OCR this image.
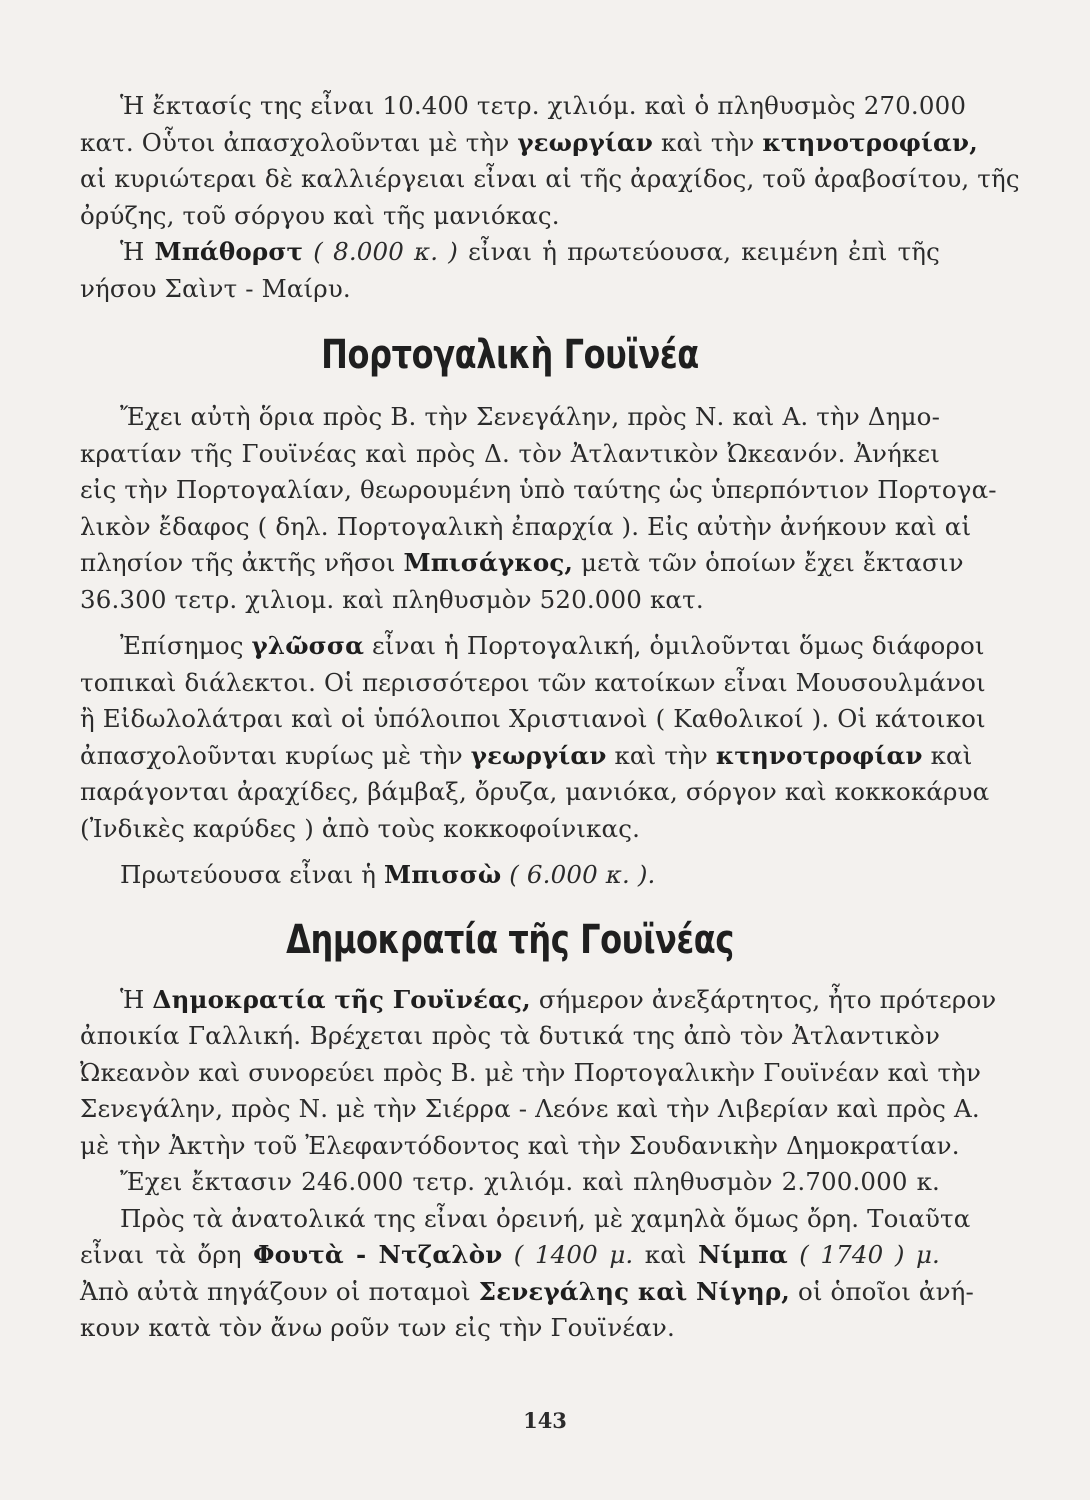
Ἡ ἔκτασίς της εἶναι 10.400 τετρ. χιλιόμ. καὶ ὁ πληθυσμὸς 270.000
κατ. Οὗτοι ἀπασχολοῦνται μὲ τὴν γεωργίαν καὶ τὴν κτηνοτροφίαν,
αἱ κυριώτεραι δὲ καλλιέργειαι εἶναι αἱ τῆς ἀραχίδος, τοῦ ἀραβοσίτου, τῆς
ὀρύζης, τοῦ σόργου καὶ τῆς μανιόκας.
Ἡ Μπάθορστ ( 8.000 κ. ) εἶναι ἡ πρωτεύουσα, κειμένη ἐπὶ τῆς
νήσου Σαὶντ - Μαίρυ.
Πορτογαλικὴ Γουϊνέα
Ἔχει αὐτὴ ὅρια πρὸς Β. τὴν Σενεγάλην, πρὸς Ν. καὶ Α. τὴν Δημο-
κρατίαν τῆς Γουϊνέας καὶ πρὸς Δ. τὸν Ἀτλαντικὸν Ὠκεανόν. Ἀνήκει
εἰς τὴν Πορτογαλίαν, θεωρουμένη ὑπὸ ταύτης ὡς ὑπερπόντιον Πορτογα-
λικὸν ἔδαφος ( δηλ. Πορτογαλικὴ ἐπαρχία ). Εἰς αὐτὴν ἀνήκουν καὶ αἱ
πλησίον τῆς ἀκτῆς νῆσοι Μπισάγκος, μετὰ τῶν ὁποίων ἔχει ἔκτασιν
36.300 τετρ. χιλιομ. καὶ πληθυσμὸν 520.000 κατ.
Ἐπίσημος γλῶσσα εἶναι ἡ Πορτογαλική, ὁμιλοῦνται ὅμως διάφοροι
τοπικαὶ διάλεκτοι. Οἱ περισσότεροι τῶν κατοίκων εἶναι Μουσουλμάνοι
ἢ Εἰδωλολάτραι καὶ οἱ ὑπόλοιποι Χριστιανοὶ ( Καθολικοί ). Οἱ κάτοικοι
ἀπασχολοῦνται κυρίως μὲ τὴν γεωργίαν καὶ τὴν κτηνοτροφίαν καὶ
παράγονται ἀραχίδες, βάμβαξ, ὄρυζα, μανιόκα, σόργον καὶ κοκκοκάρυα
(Ἰνδικὲς καρύδες ) ἀπὸ τοὺς κοκκοφοίνικας.
Πρωτεύουσα εἶναι ἡ Μπισσὼ ( 6.000 κ. ).
Δημοκρατία τῆς Γουϊνέας
Ἡ Δημοκρατία τῆς Γουϊνέας, σήμερον ἀνεξάρτητος, ἦτο πρότερον
ἀποικία Γαλλική. Βρέχεται πρὸς τὰ δυτικά της ἀπὸ τὸν Ἀτλαντικὸν
Ὠκεανὸν καὶ συνορεύει πρὸς Β. μὲ τὴν Πορτογαλικὴν Γουϊνέαν καὶ τὴν
Σενεγάλην, πρὸς Ν. μὲ τὴν Σιέρρα - Λεόνε καὶ τὴν Λιβερίαν καὶ πρὸς Α.
μὲ τὴν Ἀκτὴν τοῦ Ἐλεφαντόδοντος καὶ τὴν Σουδανικὴν Δημοκρατίαν.
Ἔχει ἔκτασιν 246.000 τετρ. χιλιόμ. καὶ πληθυσμὸν 2.700.000 κ.
Πρὸς τὰ ἀνατολικά της εἶναι ὀρεινή, μὲ χαμηλὰ ὅμως ὄρη. Τοιαῦτα
εἶναι τὰ ὄρη Φουτὰ - Ντζαλὸν ( 1400 μ. καὶ Νίμπα ( 1740 ) μ.
Ἀπὸ αὐτὰ πηγάζουν οἱ ποταμοὶ Σενεγάλης καὶ Νίγηρ, οἱ ὁποῖοι ἀνή-
κουν κατὰ τὸν ἄνω ροῦν των εἰς τὴν Γουϊνέαν.
143
